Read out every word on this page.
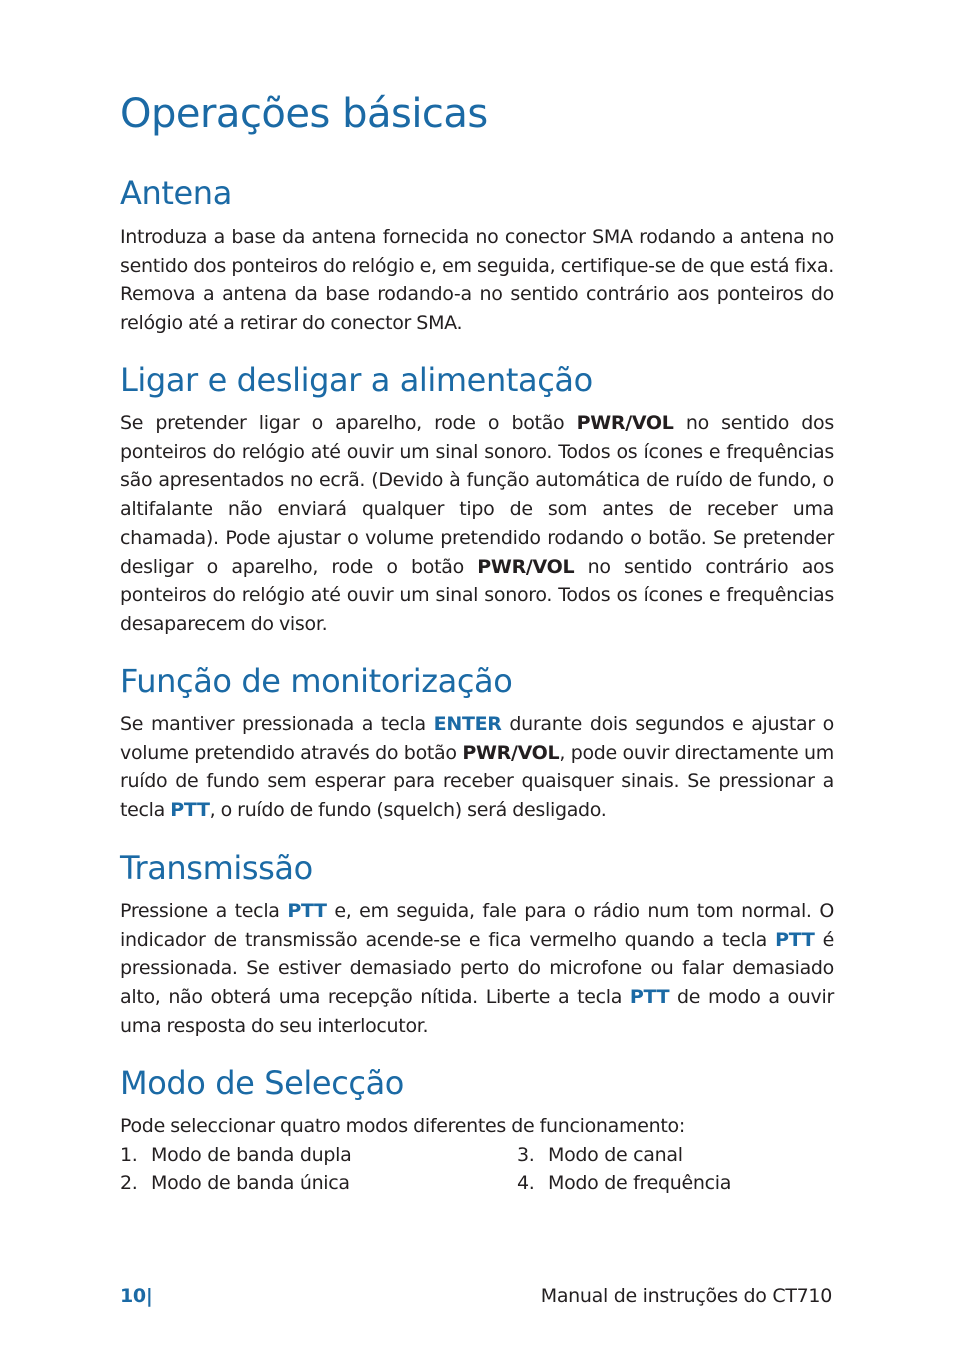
Operações básicas
Antena

Introduza a base da antena fornecida no conector SMA rodando a antena no sentido dos ponteiros do relógio e, em seguida, certifique-se de que está fixa. Remova a antena da base rodando-a no sentido contrário aos ponteiros do relógio até a retirar do conector SMA.

Ligar e desligar a alimentação

Se pretender ligar o aparelho, rode o botão PWR/VOL no sentido dos ponteiros do relógio até ouvir um sinal sonoro. Todos os ícones e frequências são apresentados no ecrã. (Devido à função automática de ruído de fundo, o altifalante não enviará qualquer tipo de som antes de receber uma chamada). Pode ajustar o volume pretendido rodando o botão. Se pretender desligar o aparelho, rode o botão PWR/VOL no sentido contrário aos ponteiros do relógio até ouvir um sinal sonoro. Todos os ícones e frequências desaparecem do visor.

Função de monitorização

Se mantiver pressionada a tecla ENTER durante dois segundos e ajustar o volume pretendido através do botão PWR/VOL, pode ouvir directamente um ruído de fundo sem esperar para receber quaisquer sinais. Se pressionar a tecla PTT, o ruído de fundo (squelch) será desligado.

Transmissão

Pressione a tecla PTT e, em seguida, fale para o rádio num tom normal. O indicador de transmissão acende-se e fica vermelho quando a tecla PTT é pressionada. Se estiver demasiado perto do microfone ou falar demasiado alto, não obterá uma recepção nítida. Liberte a tecla PTT de modo a ouvir uma resposta do seu interlocutor.

Modo de Selecção

Pode seleccionar quatro modos diferentes de funcionamento:

1. Modo de banda dupla	3. Modo de canal
2. Modo de banda única	4. Modo de frequência
10|	Manual de instruções do CT710
